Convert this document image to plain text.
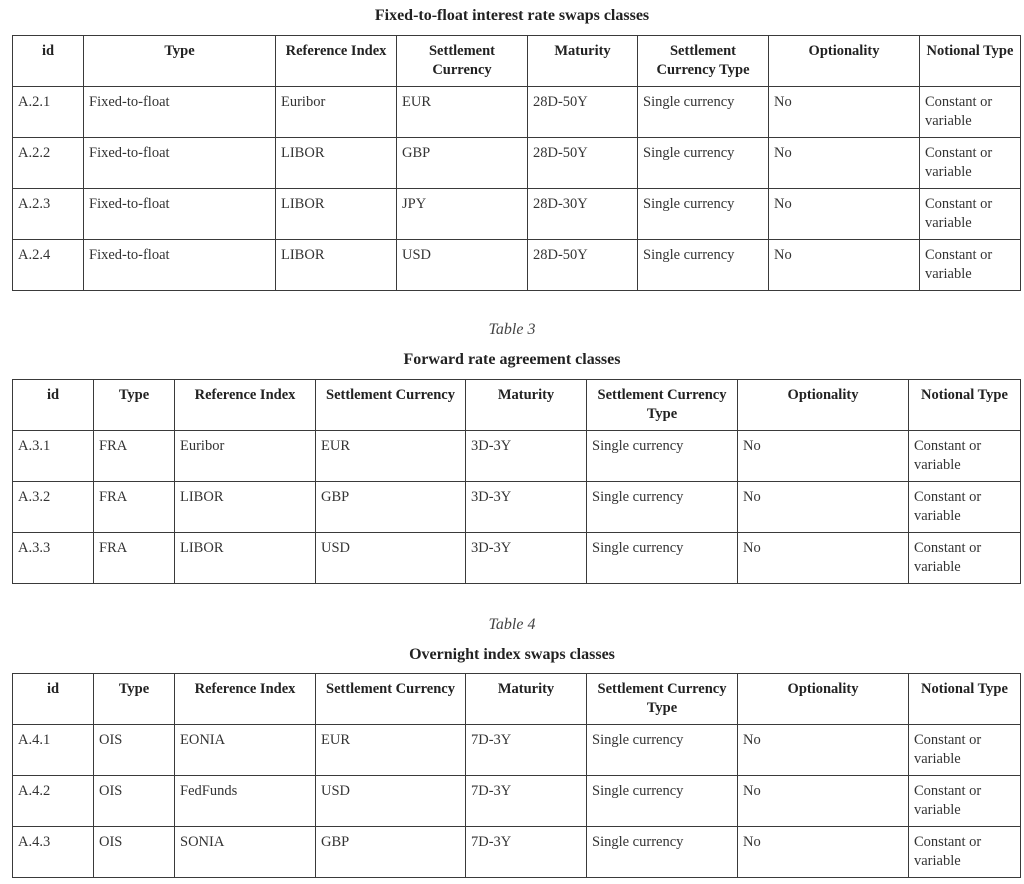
Fixed-to-float interest rate swaps classes
id	Type	Reference Index	Settlement Currency	Maturity	Settlement Currency Type	Optionality	Notional Type
A.2.1	Fixed-to-float	Euribor	EUR	28D-50Y	Single currency	No	Constant or variable
A.2.2	Fixed-to-float	LIBOR	GBP	28D-50Y	Single currency	No	Constant or variable
A.2.3	Fixed-to-float	LIBOR	JPY	28D-30Y	Single currency	No	Constant or variable
A.2.4	Fixed-to-float	LIBOR	USD	28D-50Y	Single currency	No	Constant or variable
Table 3
Forward rate agreement classes
id	Type	Reference Index	Settlement Currency	Maturity	Settlement Currency Type	Optionality	Notional Type
A.3.1	FRA	Euribor	EUR	3D-3Y	Single currency	No	Constant or variable
A.3.2	FRA	LIBOR	GBP	3D-3Y	Single currency	No	Constant or variable
A.3.3	FRA	LIBOR	USD	3D-3Y	Single currency	No	Constant or variable
Table 4
Overnight index swaps classes
id	Type	Reference Index	Settlement Currency	Maturity	Settlement Currency Type	Optionality	Notional Type
A.4.1	OIS	EONIA	EUR	7D-3Y	Single currency	No	Constant or variable
A.4.2	OIS	FedFunds	USD	7D-3Y	Single currency	No	Constant or variable
A.4.3	OIS	SONIA	GBP	7D-3Y	Single currency	No	Constant or variable
